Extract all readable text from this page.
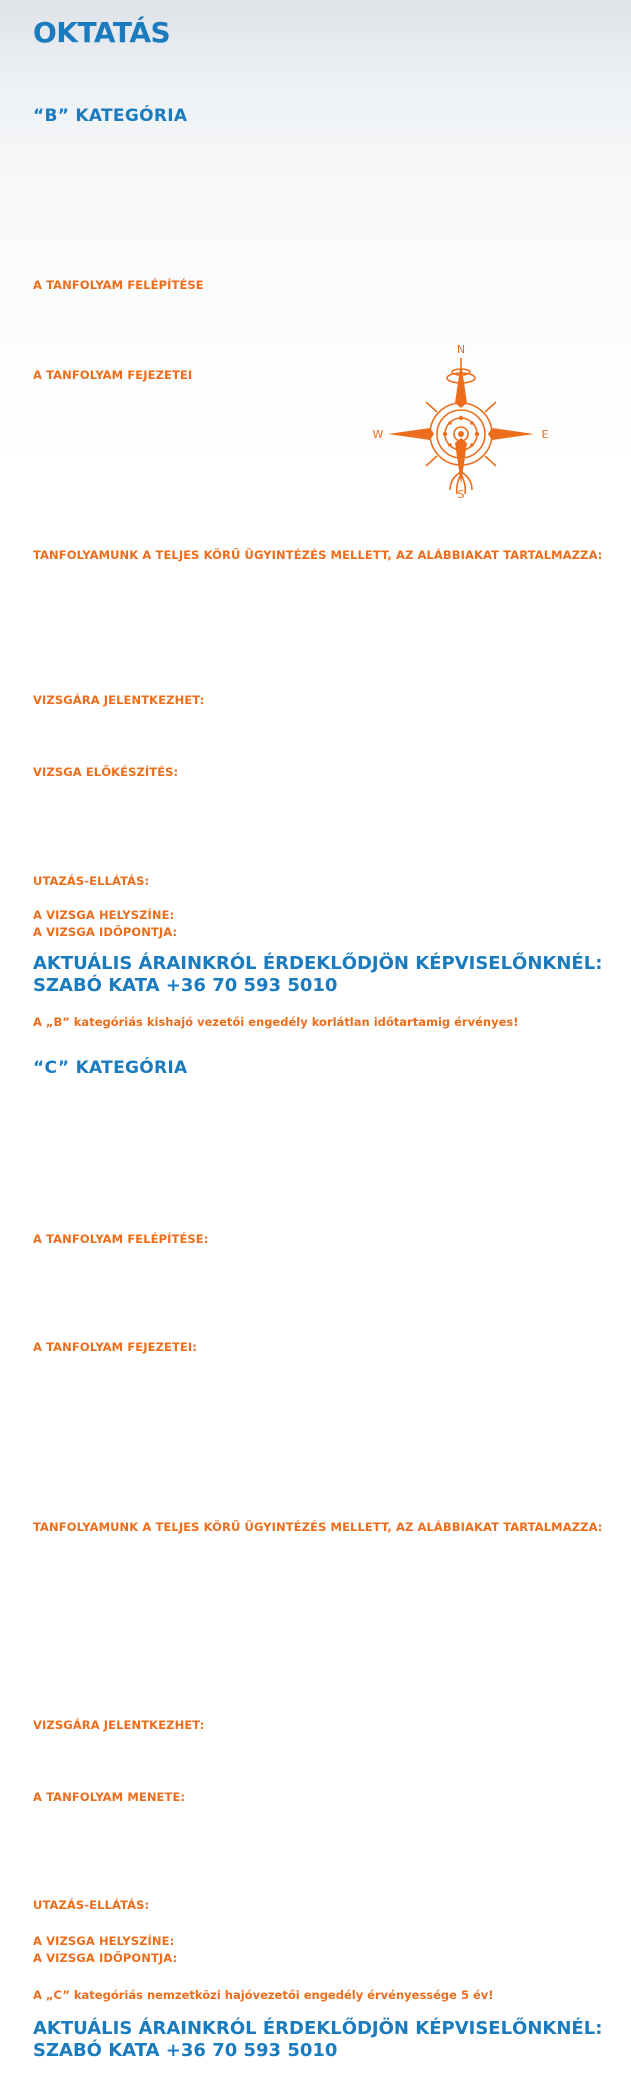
OKTATÁS
“B” KATEGÓRIA

A TANFOLYAM FELÉPÍTÉSE

A TANFOLYAM FEJEZETEI

N
S
E
W

TANFOLYAMUNK A TELJES KÖRŰ ÜGYINTÉZÉS MELLETT, AZ ALÁBBIAKAT TARTALMAZZA:

VIZSGÁRA JELENTKEZHET:

VIZSGA ELŐKÉSZÍTÉS:

UTAZÁS-ELLÁTÁS:

A VIZSGA HELYSZÍNE:

A VIZSGA IDŐPONTJA:

AKTUÁLIS ÁRAINKRÓL ÉRDEKLŐDJÖN KÉPVISELŐNKNÉL:
SZABÓ KATA +36 70 593 5010

A „B” kategóriás kishajó vezetői engedély korlátlan időtartamig érvényes!

“C” KATEGÓRIA

A TANFOLYAM FELÉPÍTÉSE:

A TANFOLYAM FEJEZETEI:

TANFOLYAMUNK A TELJES KÖRŰ ÜGYINTÉZÉS MELLETT, AZ ALÁBBIAKAT TARTALMAZZA:

VIZSGÁRA JELENTKEZHET:

A TANFOLYAM MENETE:

UTAZÁS-ELLÁTÁS:

A VIZSGA HELYSZÍNE:

A VIZSGA IDŐPONTJA:

A „C” kategóriás nemzetközi hajóvezetői engedély érvényessége 5 év!

AKTUÁLIS ÁRAINKRÓL ÉRDEKLŐDJÖN KÉPVISELŐNKNÉL:
SZABÓ KATA +36 70 593 5010
